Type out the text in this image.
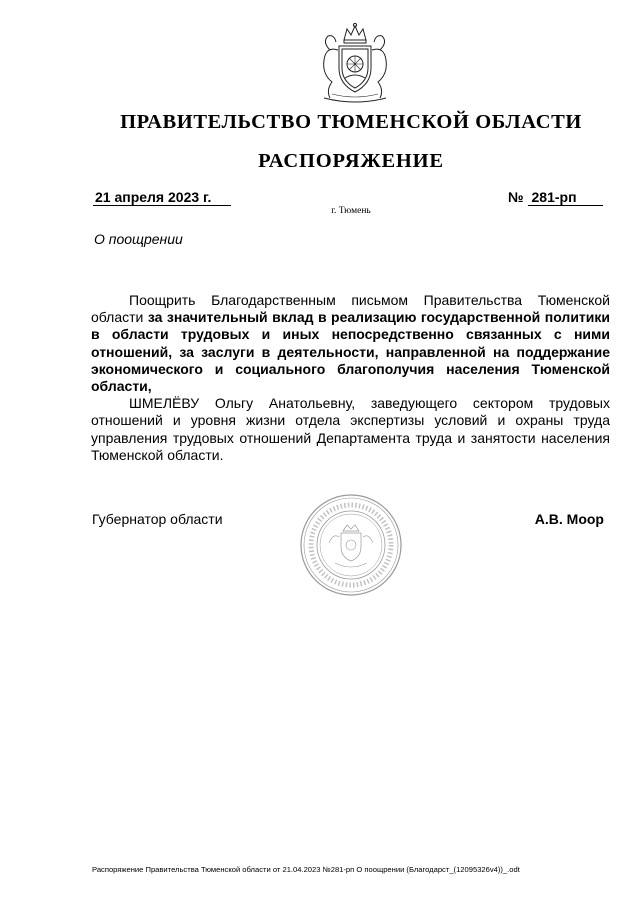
ПРАВИТЕЛЬСТВО ТЮМЕНСКОЙ ОБЛАСТИ
РАСПОРЯЖЕНИЕ
21 апреля 2023 г.	№ 281-рп
г. Тюмень
О поощрении

Поощрить Благодарственным письмом Правительства Тюменской области за значительный вклад в реализацию государственной политики в области трудовых и иных непосредственно связанных с ними отношений, за заслуги в деятельности, направленной на поддержание экономического и социального благополучия населения Тюменской области,

ШМЕЛЁВУ Ольгу Анатольевну, заведующего сектором трудовых отношений и уровня жизни отдела экспертизы условий и охраны труда управления трудовых отношений Департамента труда и занятости населения Тюменской области.

Губернатор области	А.В. Моор
Распоряжение Правительства Тюменской области от 21.04.2023 №281-рп О поощрении (Благодарст_(12095326v4))_.odt
